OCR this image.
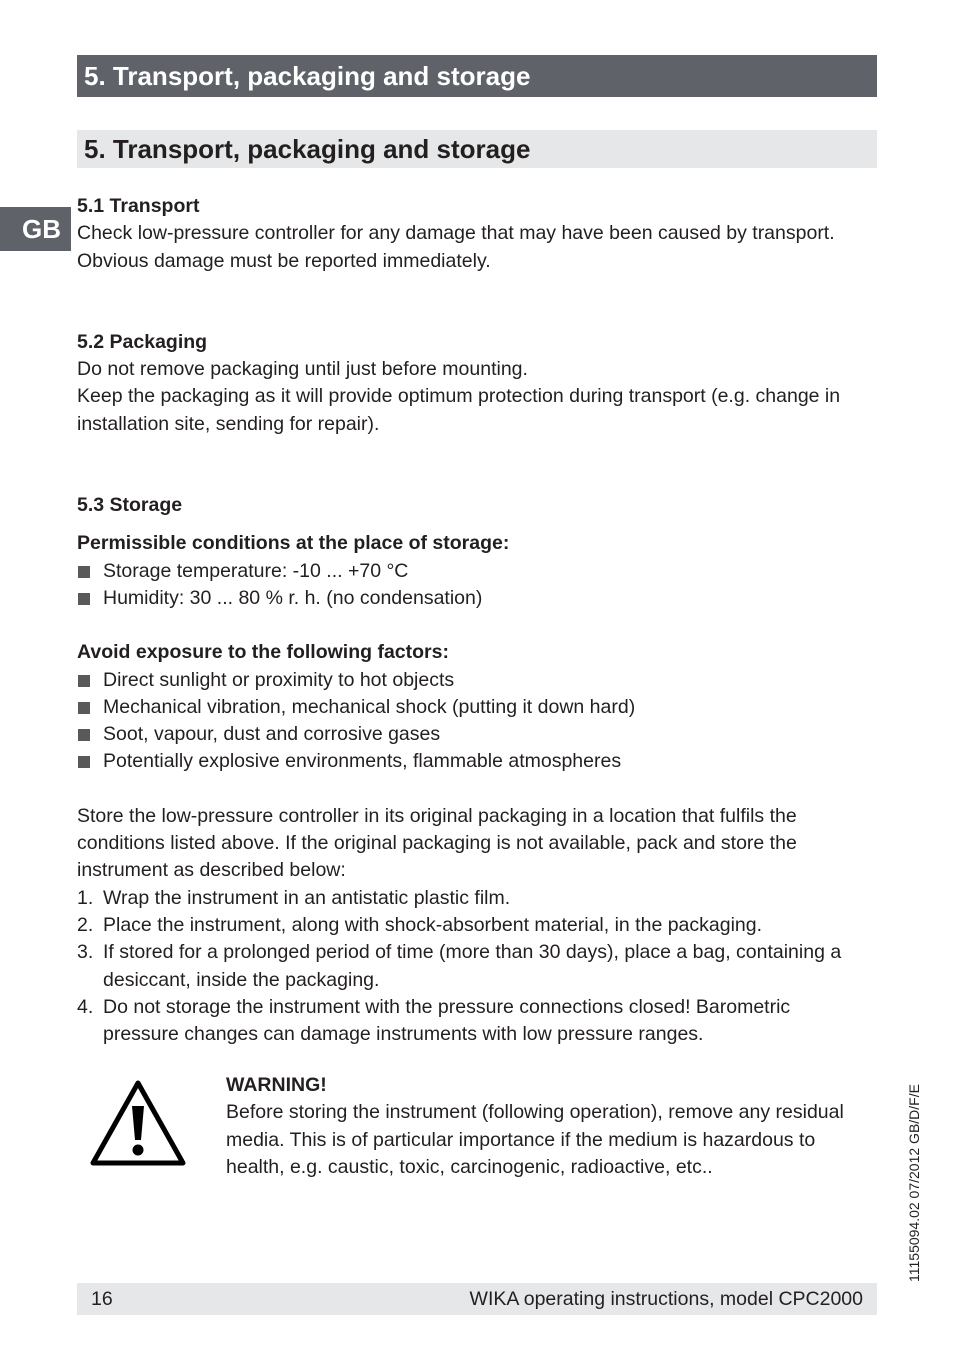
5. Transport, packaging and storage
5. Transport, packaging and storage
GB

5.1 Transport

Check low-pressure controller for any damage that may have been caused by transport.

Obvious damage must be reported immediately.

5.2 Packaging

Do not remove packaging until just before mounting.

Keep the packaging as it will provide optimum protection during transport (e.g. change in

installation site, sending for repair).

5.3 Storage

Permissible conditions at the place of storage:

Storage temperature: -10 ... +70 °C

Humidity: 30 ... 80 % r. h. (no condensation)

Avoid exposure to the following factors:

Direct sunlight or proximity to hot objects

Mechanical vibration, mechanical shock (putting it down hard)

Soot, vapour, dust and corrosive gases

Potentially explosive environments, flammable atmospheres

Store the low-pressure controller in its original packaging in a location that fulfils the

conditions listed above. If the original packaging is not available, pack and store the

instrument as described below:

1. Wrap the instrument in an antistatic plastic film.

2. Place the instrument, along with shock-absorbent material, in the packaging.

3. If stored for a prolonged period of time (more than 30 days), place a bag, containing a

desiccant, inside the packaging.

4. Do not storage the instrument with the pressure connections closed! Barometric

pressure changes can damage instruments with low pressure ranges.

WARNING!

Before storing the instrument (following operation), remove any residual

media. This is of particular importance if the medium is hazardous to

health, e.g. caustic, toxic, carcinogenic, radioactive, etc..	11155094.02 07/2012 GB/D/F/E
16	WIKA operating instructions, model CPC2000
